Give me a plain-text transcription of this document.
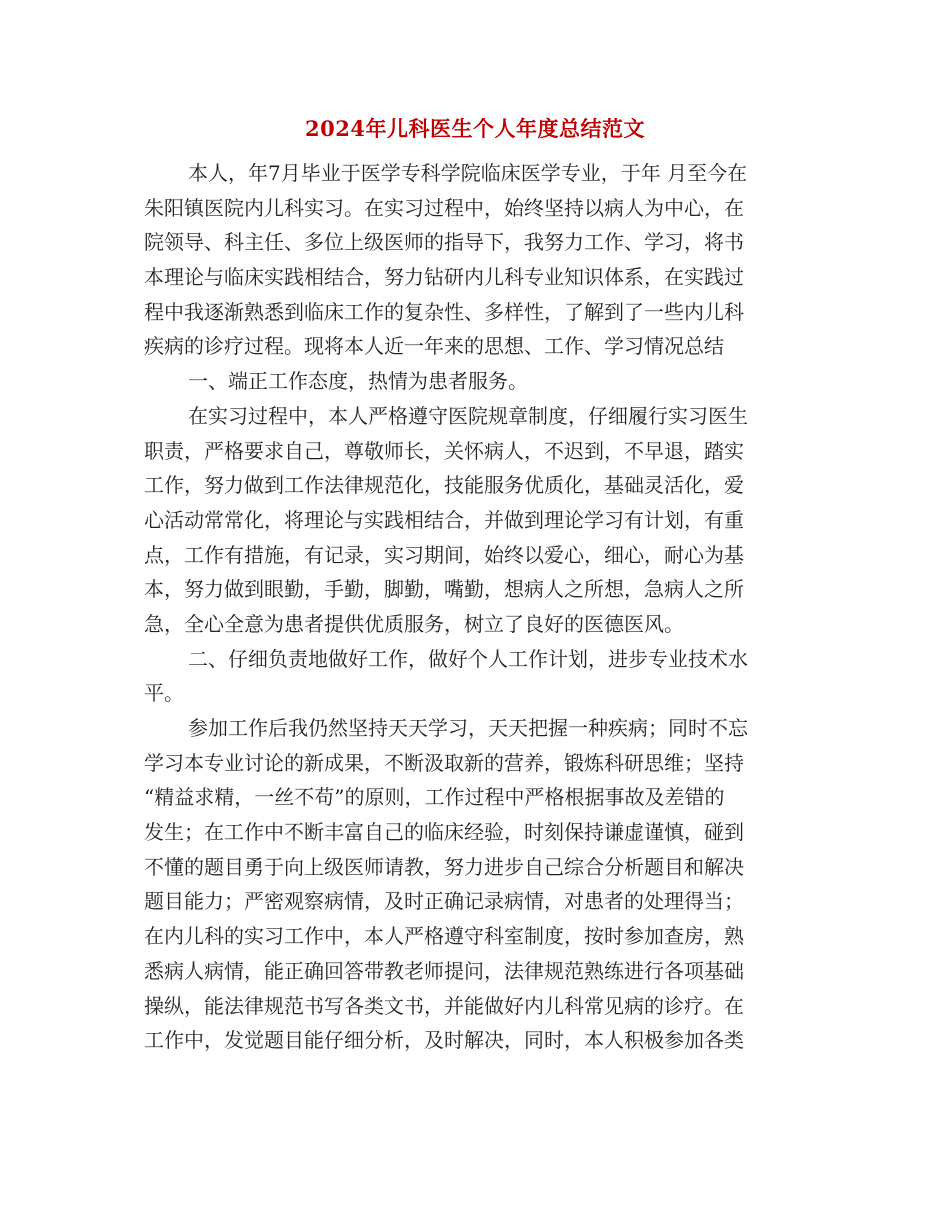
2024年儿科医生个人年度总结范文
本人，年7月毕业于医学专科学院临床医学专业，于年 月至今在
朱阳镇医院内儿科实习。在实习过程中，始终坚持以病人为中心，在
院领导、科主任、多位上级医师的指导下，我努力工作、学习，将书
本理论与临床实践相结合，努力钻研内儿科专业知识体系，在实践过
程中我逐渐熟悉到临床工作的复杂性、多样性，了解到了一些内儿科
疾病的诊疗过程。现将本人近一年来的思想、工作、学习情况总结
一、端正工作态度，热情为患者服务。
在实习过程中，本人严格遵守医院规章制度，仔细履行实习医生
职责，严格要求自己，尊敬师长，关怀病人，不迟到，不早退，踏实
工作，努力做到工作法律规范化，技能服务优质化，基础灵活化，爱
心活动常常化，将理论与实践相结合，并做到理论学习有计划，有重
点，工作有措施，有记录，实习期间，始终以爱心，细心，耐心为基
本，努力做到眼勤，手勤，脚勤，嘴勤，想病人之所想，急病人之所
急，全心全意为患者提供优质服务，树立了良好的医德医风。
二、仔细负责地做好工作，做好个人工作计划，进步专业技术水
平。
参加工作后我仍然坚持天天学习，天天把握一种疾病；同时不忘
学习本专业讨论的新成果，不断汲取新的营养，锻炼科研思维；坚持
“精益求精，一丝不苟”的原则，工作过程中严格根据事故及差错的
发生；在工作中不断丰富自己的临床经验，时刻保持谦虚谨慎，碰到
不懂的题目勇于向上级医师请教，努力进步自己综合分析题目和解决
题目能力；严密观察病情，及时正确记录病情，对患者的处理得当；
在内儿科的实习工作中，本人严格遵守科室制度，按时参加查房，熟
悉病人病情，能正确回答带教老师提问，法律规范熟练进行各项基础
操纵，能法律规范书写各类文书，并能做好内儿科常见病的诊疗。在
工作中，发觉题目能仔细分析，及时解决，同时，本人积极参加各类
